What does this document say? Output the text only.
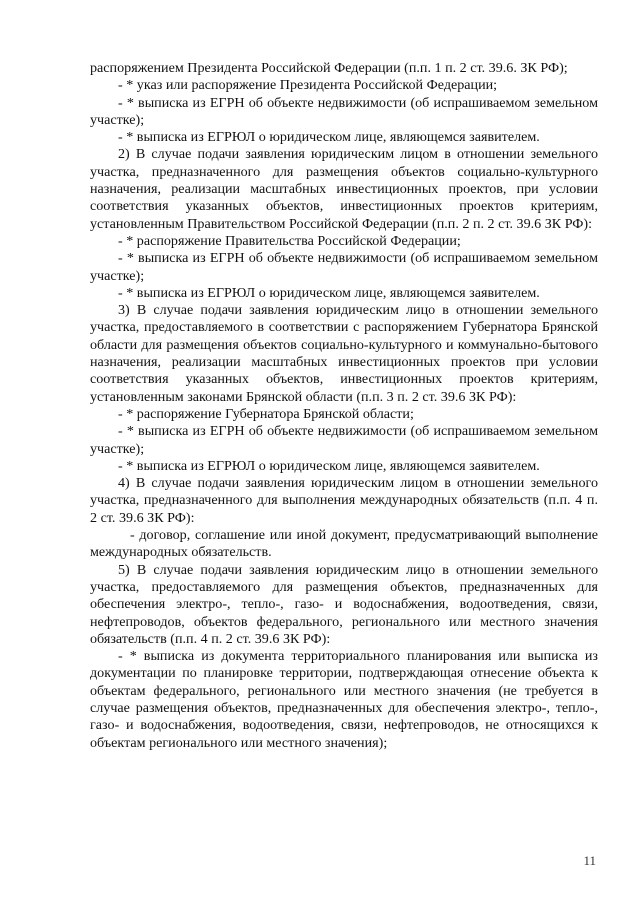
распоряжением Президента Российской Федерации (п.п. 1 п. 2 ст. 39.6. ЗК РФ);

- * указ или распоряжение Президента Российской Федерации;

- * выписка из ЕГРН об объекте недвижимости (об испрашиваемом земельном участке);

- * выписка из ЕГРЮЛ о юридическом лице, являющемся заявителем.

2) В случае подачи заявления юридическим лицом в отношении земельного участка, предназначенного для размещения объектов социально-культурного назначения, реализации масштабных инвестиционных проектов, при условии соответствия указанных объектов, инвестиционных проектов критериям, установленным Правительством Российской Федерации (п.п. 2 п. 2 ст. 39.6 ЗК РФ):

- * распоряжение Правительства Российской Федерации;

- * выписка из ЕГРН об объекте недвижимости (об испрашиваемом земельном участке);

- * выписка из ЕГРЮЛ о юридическом лице, являющемся заявителем.

3) В случае подачи заявления юридическим лицо в отношении земельного участка, предоставляемого в соответствии с распоряжением Губернатора Брянской области для размещения объектов социально-культурного и коммунально-бытового назначения, реализации масштабных инвестиционных проектов при условии соответствия указанных объектов, инвестиционных проектов критериям, установленным законами Брянской области (п.п. 3 п. 2 ст. 39.6 ЗК РФ):

- * распоряжение Губернатора Брянской области;

- * выписка из ЕГРН об объекте недвижимости (об испрашиваемом земельном участке);

- * выписка из ЕГРЮЛ о юридическом лице, являющемся заявителем.

4) В случае подачи заявления юридическим лицом в отношении земельного участка, предназначенного для выполнения международных обязательств (п.п. 4 п. 2 ст. 39.6 ЗК РФ):

- договор, соглашение или иной документ, предусматривающий выполнение международных обязательств.

5) В случае подачи заявления юридическим лицо в отношении земельного участка, предоставляемого для размещения объектов, предназначенных для обеспечения электро-, тепло-, газо- и водоснабжения, водоотведения, связи, нефтепроводов, объектов федерального, регионального или местного значения обязательств (п.п. 4 п. 2 ст. 39.6 ЗК РФ):

- * выписка из документа территориального планирования или выписка из документации по планировке территории, подтверждающая отнесение объекта к объектам федерального, регионального или местного значения (не требуется в случае размещения объектов, предназначенных для обеспечения электро-, тепло-, газо- и водоснабжения, водоотведения, связи, нефтепроводов, не относящихся к объектам регионального или местного значения);

11
